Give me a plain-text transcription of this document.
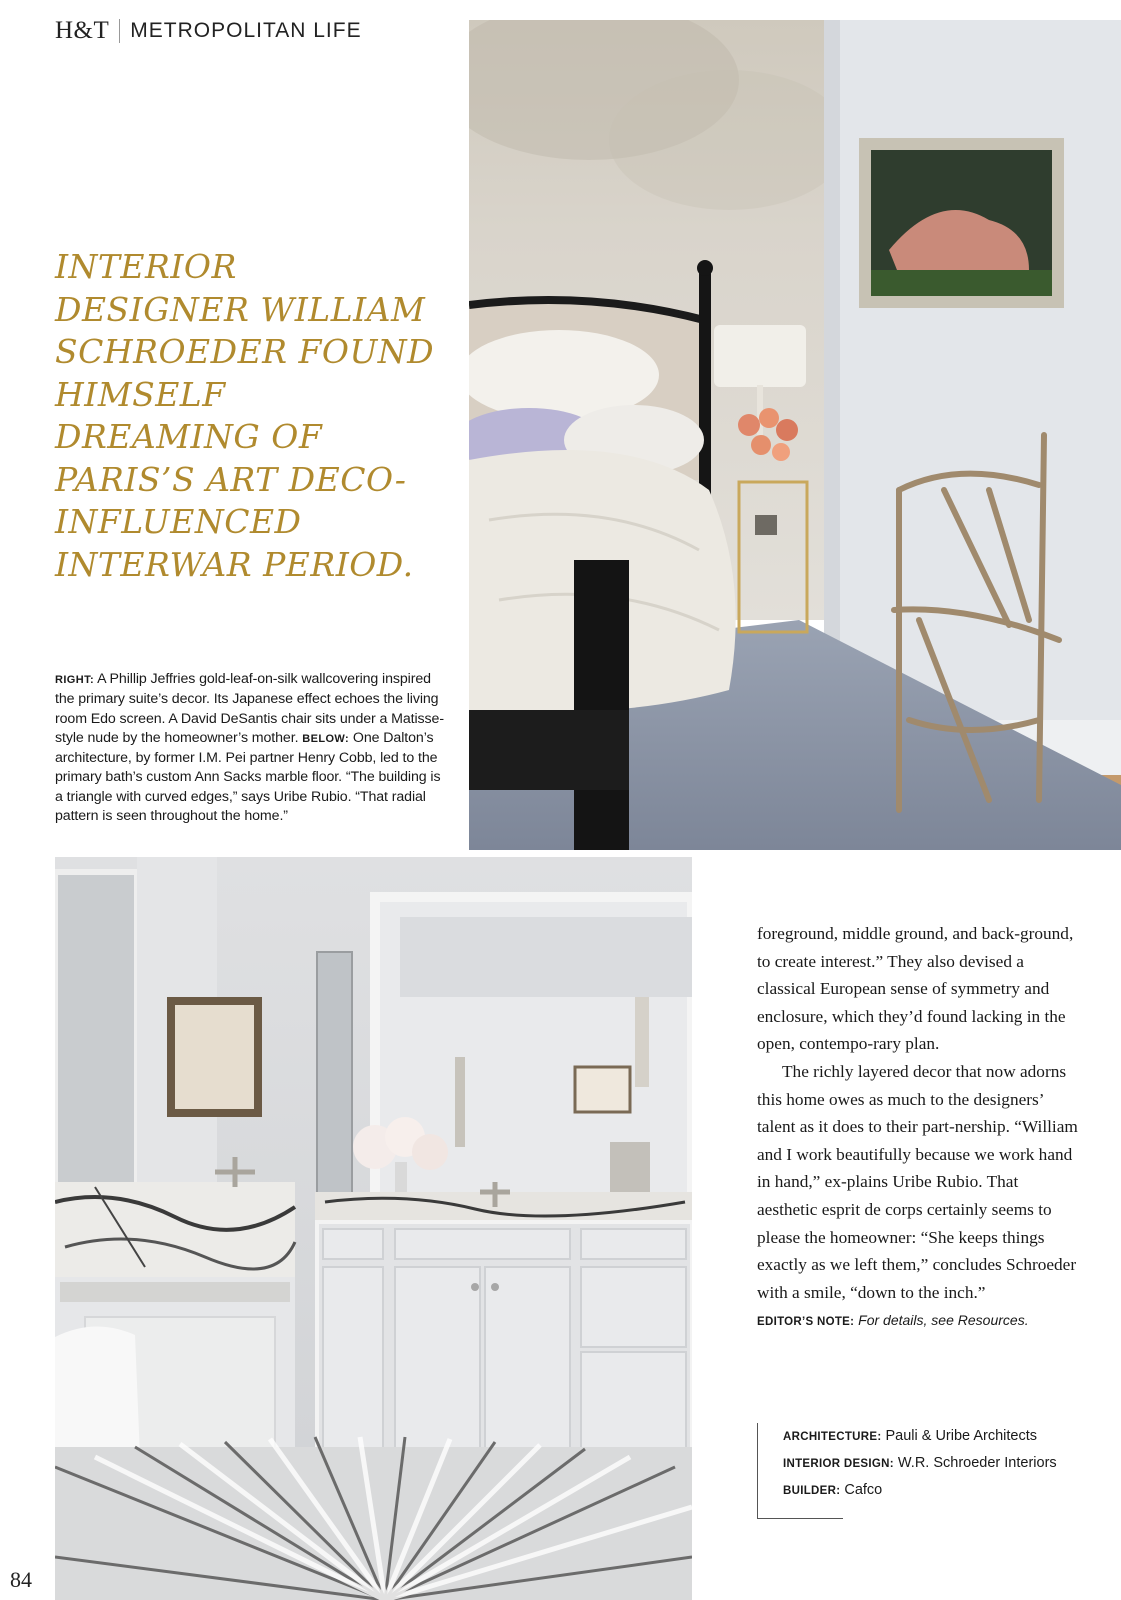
H&T METROPOLITAN LIFE
INTERIOR DESIGNER WILLIAM SCHROEDER FOUND HIMSELF DREAMING OF PARIS’S ART DECO-INFLUENCED INTERWAR PERIOD.
RIGHT: A Phillip Jeffries gold-leaf-on-silk wallcovering inspired the primary suite’s decor. Its Japanese effect echoes the living room Edo screen. A David DeSantis chair sits under a Matisse-style nude by the homeowner’s mother. BELOW: One Dalton’s architecture, by former I.M. Pei partner Henry Cobb, led to the primary bath’s custom Ann Sacks marble floor. “The building is a triangle with curved edges,” says Uribe Rubio. “That radial pattern is seen throughout the home.”

foreground, middle ground, and back-ground, to create interest.” They also devised a classical European sense of symmetry and enclosure, which they’d found lacking in the open, contempo-rary plan.

The richly layered decor that now adorns this home owes as much to the designers’ talent as it does to their part-nership. “William and I work beautifully because we work hand in hand,” ex-plains Uribe Rubio. That aesthetic esprit de corps certainly seems to please the homeowner: “She keeps things exactly as we left them,” concludes Schroeder with a smile, “down to the inch.”

EDITOR’S NOTE: For details, see Resources.
ARCHITECTURE: Pauli & Uribe Architects
INTERIOR DESIGN: W.R. Schroeder Interiors
BUILDER: Cafco
84
